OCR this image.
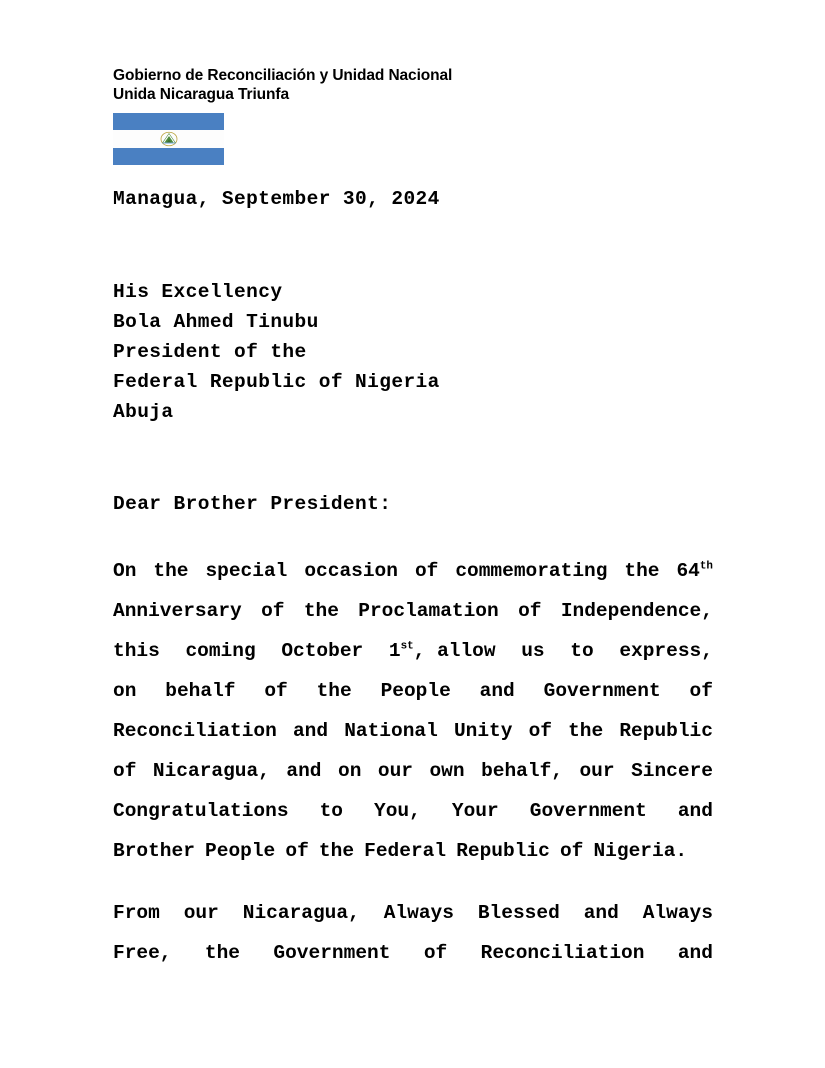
Gobierno de Reconciliación y Unidad Nacional
Unida Nicaragua Triunfa
Managua, September 30, 2024
His Excellency
Bola Ahmed Tinubu
President of the
Federal Republic of Nigeria
Abuja
Dear Brother President:
On the special occasion of commemorating the 64th
Anniversary of the Proclamation of Independence,
this coming October 1st, allow us to express,
on behalf of the People and Government of
Reconciliation and National Unity of the Republic
of Nicaragua, and on our own behalf, our Sincere
Congratulations to You, Your Government and
Brother People of the Federal Republic of Nigeria.
From our Nicaragua, Always Blessed and Always
Free, the Government of Reconciliation and
